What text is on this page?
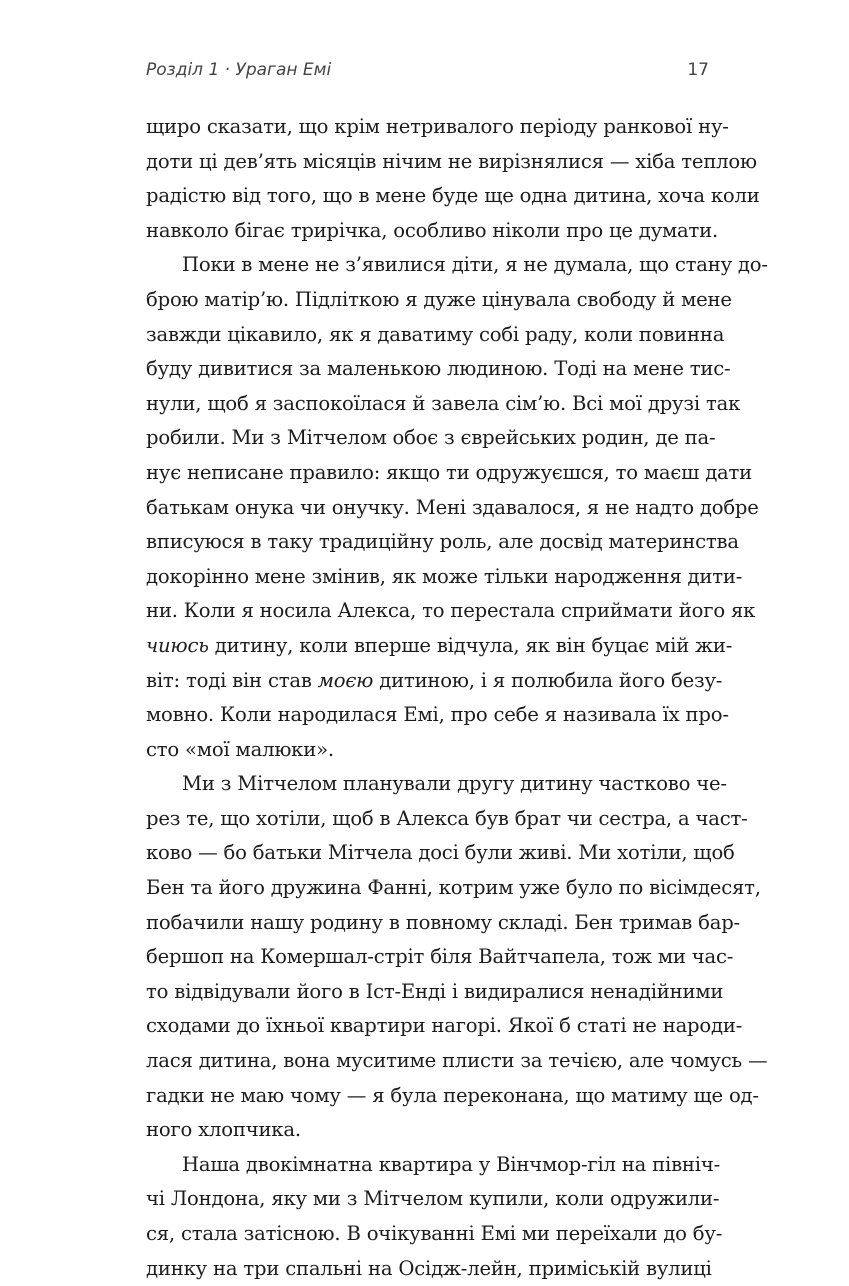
Розділ 1 · Ураган Емі	17
щиро сказати, що крім нетривалого періоду ранкової ну-
доти ці дев’ять місяців нічим не вирізнялися — хіба теплою
радістю від того, що в мене буде ще одна дитина, хоча коли
навколо бігає трирічка, особливо ніколи про це думати.
Поки в мене не з’явилися діти, я не думала, що стану до-
брою матір’ю. Підліткою я дуже цінувала свободу й мене
завжди цікавило, як я даватиму собі раду, коли повинна
буду дивитися за маленькою людиною. Тоді на мене тис-
нули, щоб я заспокоїлася й завела сім’ю. Всі мої друзі так
робили. Ми з Мітчелом обоє з єврейських родин, де па-
нує неписане правило: якщо ти одружуєшся, то маєш дати
батькам онука чи онучку. Мені здавалося, я не надто добре
вписуюся в таку традиційну роль, але досвід материнства
докорінно мене змінив, як може тільки народження дити-
ни. Коли я носила Алекса, то перестала сприймати його як
чиюсь дитину, коли вперше відчула, як він буцає мій жи-
віт: тоді він став моєю дитиною, і я полюбила його безу-
мовно. Коли народилася Емі, про себе я називала їх про-
сто «мої малюки».
Ми з Мітчелом планували другу дитину частково че-
рез те, що хотіли, щоб в Алекса був брат чи сестра, а част-
ково — бо батьки Мітчела досі були живі. Ми хотіли, щоб
Бен та його дружина Фанні, котрим уже було по вісімдесят,
побачили нашу родину в повному складі. Бен тримав бар-
бершоп на Комершал-стріт біля Вайтчапела, тож ми час-
то відвідували його в Іст-Енді і видиралися ненадійними
сходами до їхньої квартири нагорі. Якої б статі не народи-
лася дитина, вона муситиме плисти за течією, але чомусь —
гадки не маю чому — я була переконана, що матиму ще од-
ного хлопчика.
Наша двокімнатна квартира у Вінчмор-гіл на північ-
чі Лондона, яку ми з Мітчелом купили, коли одружили-
ся, стала затісною. В очікуванні Емі ми переїхали до бу-
динку на три спальні на Осідж-лейн, приміській вулиці
